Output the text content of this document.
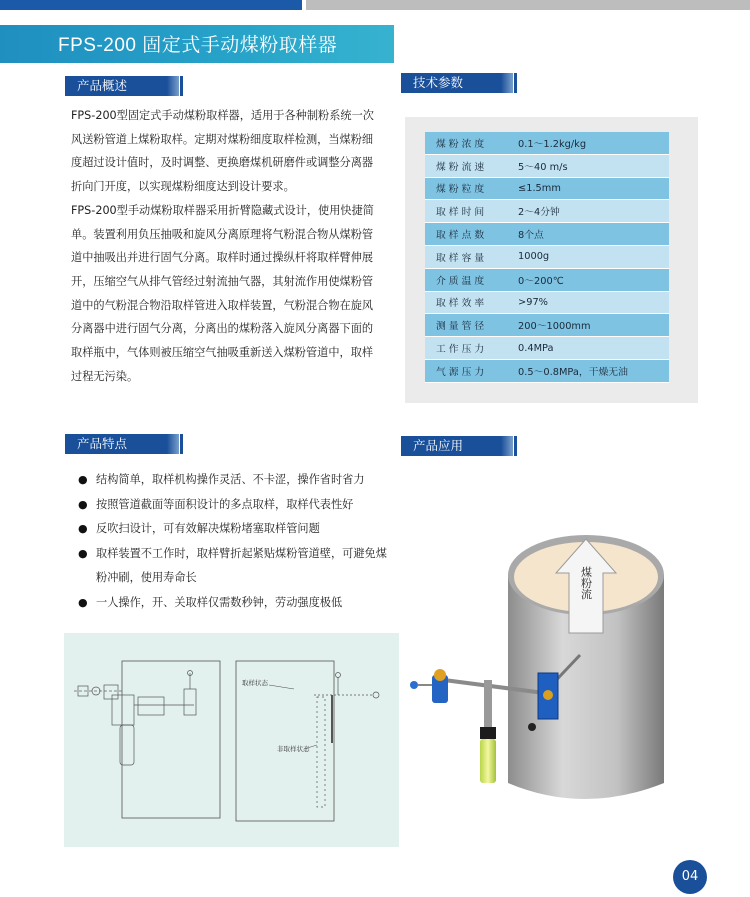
FPS-200 固定式手动煤粉取样器
产品概述	技术参数
产品特点	产品应用

FPS-200型固定式手动煤粉取样器，适用于各种制粉系统一次风送粉管道上煤粉取样。定期对煤粉细度取样检测，当煤粉细度超过设计值时，及时调整、更换磨煤机研磨件或调整分离器折向门开度，以实现煤粉细度达到设计要求。

FPS-200型手动煤粉取样器采用折臂隐藏式设计，使用快捷简单。装置利用负压抽吸和旋风分离原理将气粉混合物从煤粉管道中抽吸出并进行固气分离。取样时通过操纵杆将取样臂伸展开，压缩空气从排气管经过射流抽气器，其射流作用使煤粉管道中的气粉混合物沿取样管进入取样装置，气粉混合物在旋风分离器中进行固气分离，分离出的煤粉落入旋风分离器下面的取样瓶中，气体则被压缩空气抽吸重新送入煤粉管道中，取样过程无污染。

煤粉浓度	0.1～1.2kg/kg
煤粉流速	5～40 m/s
煤粉粒度	≤1.5mm
取样时间	2～4分钟
取样点数	8个点
取样容量	1000g
介质温度	0～200℃
取样效率	>97%
测量管径	200～1000mm
工作压力	0.4MPa
气源压力	0.5～0.8MPa，干燥无油
● 结构简单，取样机构操作灵活、不卡涩，操作省时省力
● 按照管道截面等面积设计的多点取样，取样代表性好
● 反吹扫设计，可有效解决煤粉堵塞取样管问题
● 取样装置不工作时，取样臂折起紧贴煤粉管道壁，可避免煤粉冲刷，使用寿命长
● 一人操作，开、关取样仅需数秒钟，劳动强度极低
取样状态
非取样状态
煤粉流
04
